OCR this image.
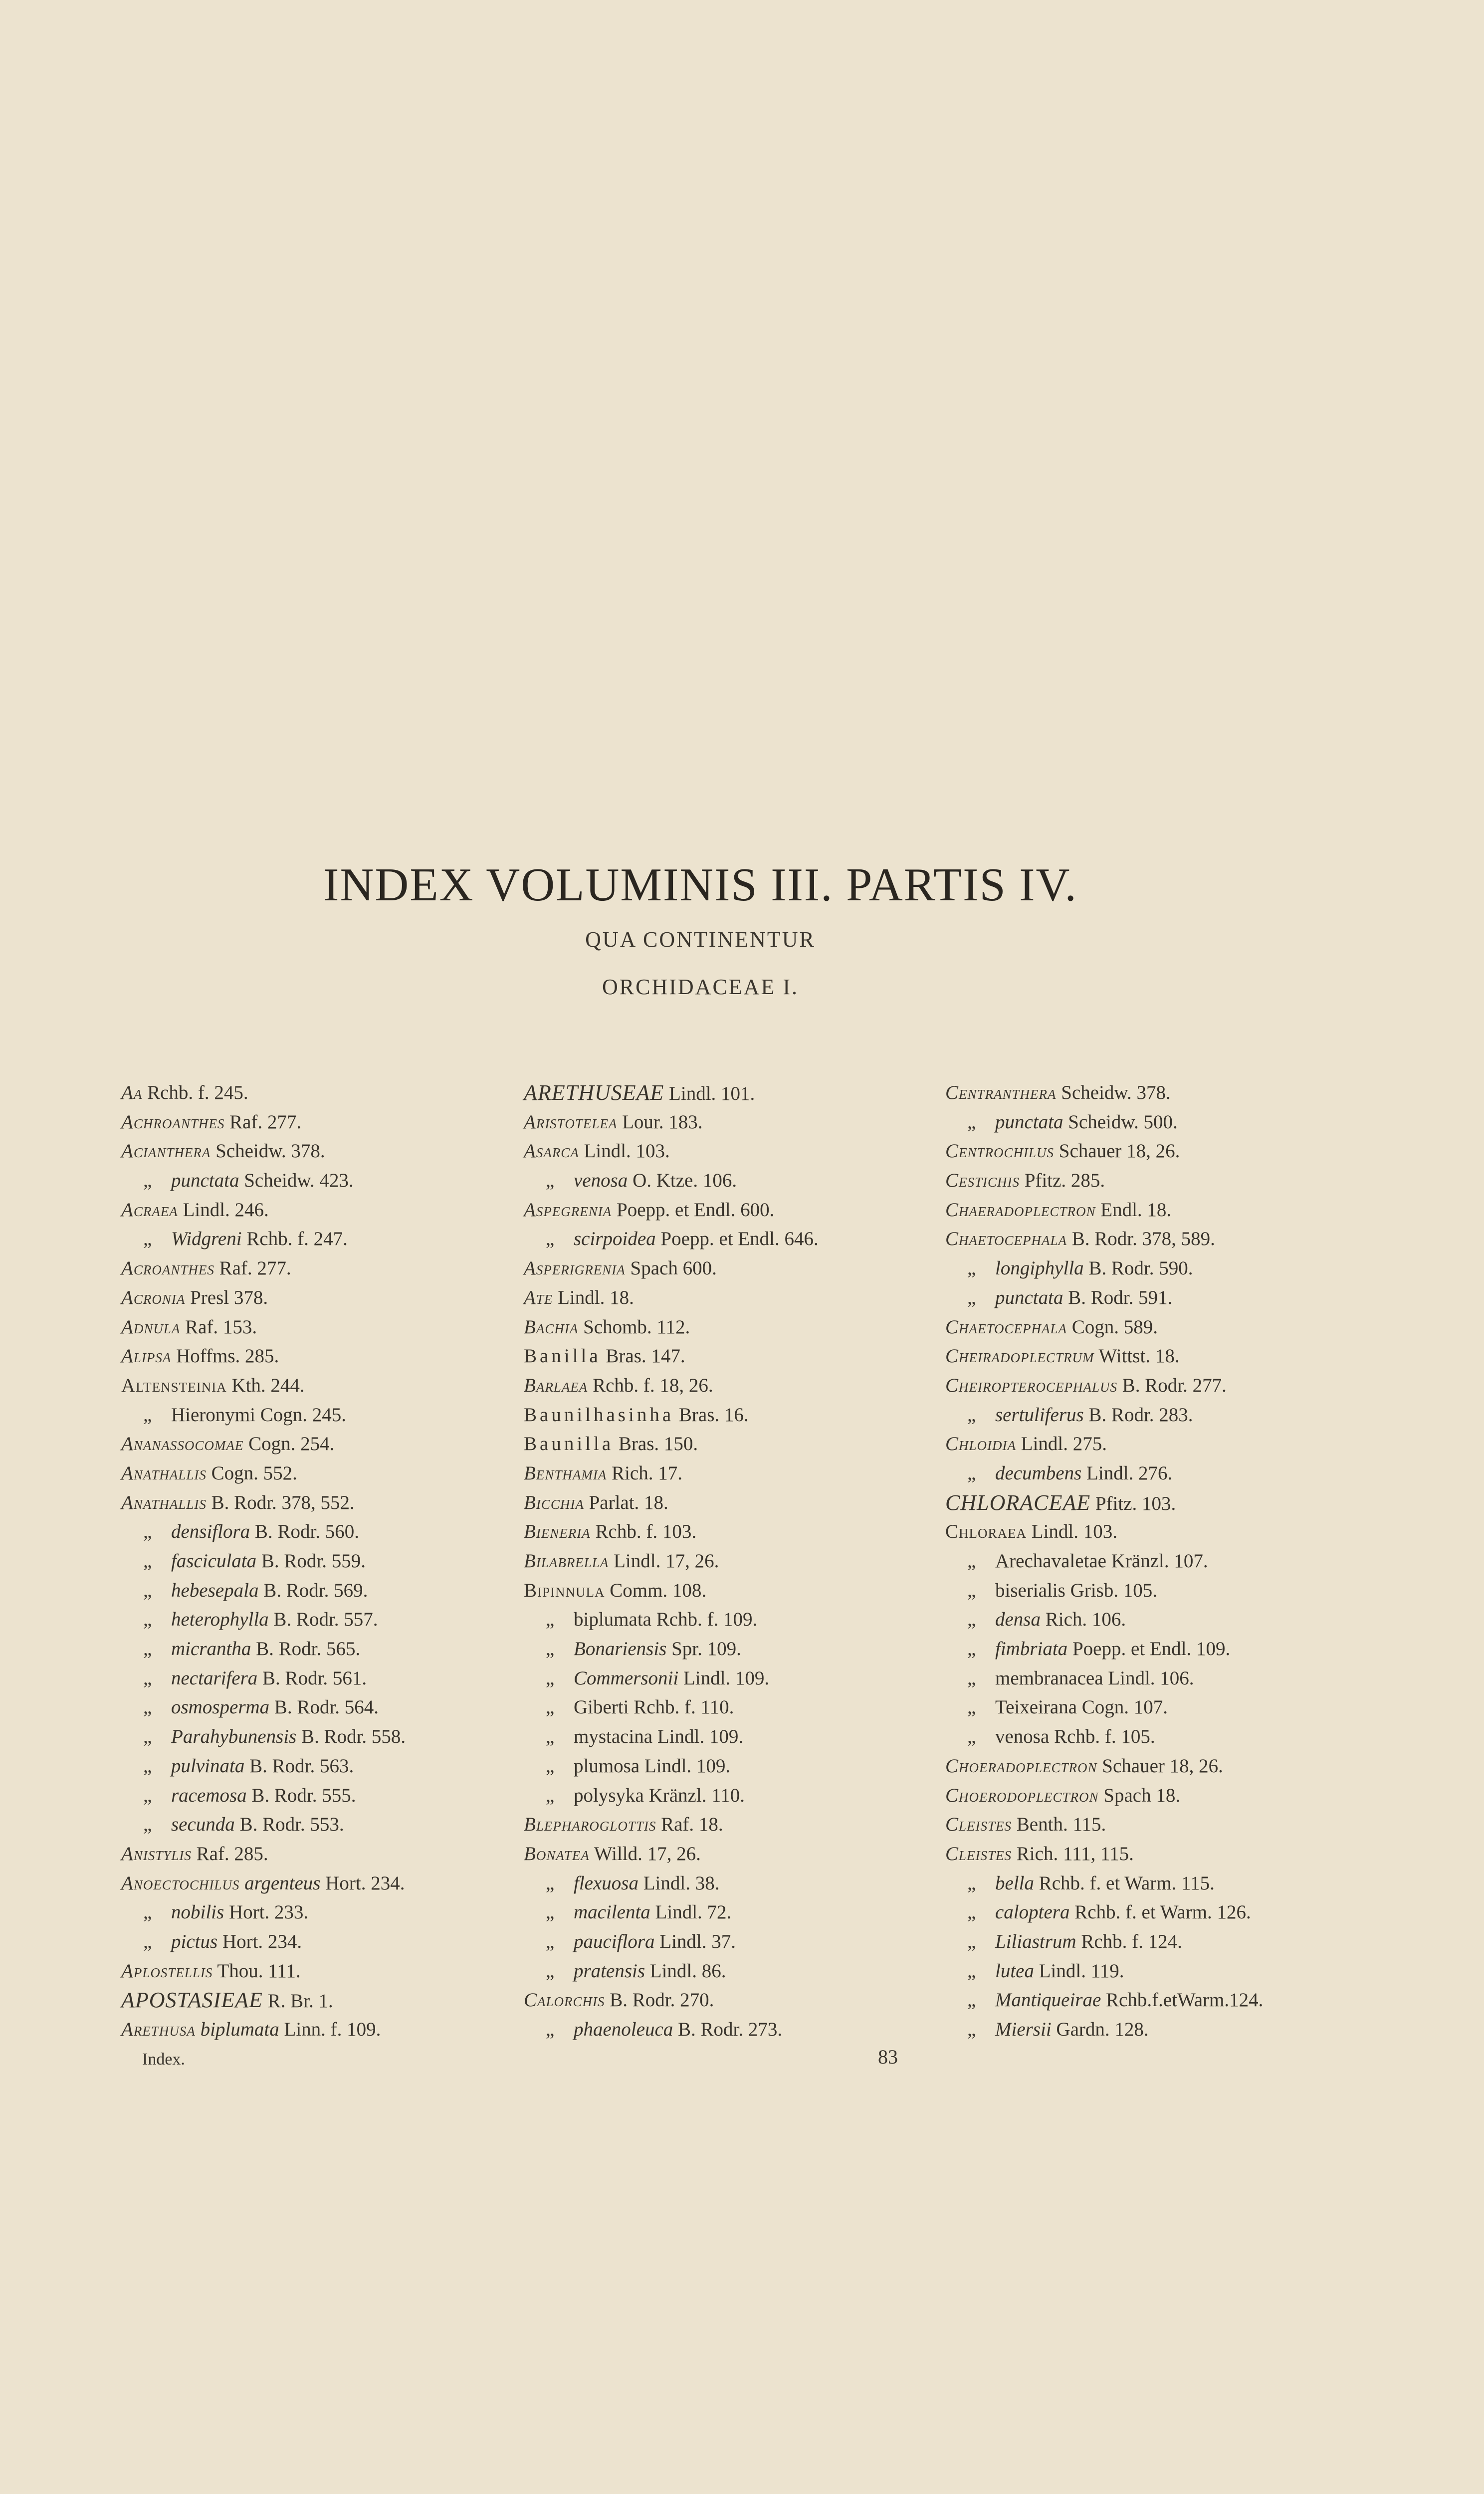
INDEX VOLUMINIS III. PARTIS IV.
QUA CONTINENTUR
ORCHIDACEAE I.
Aa Rchb. f. 245.
Achroanthes Raf. 277.
Acianthera Scheidw. 378.
„ punctata Scheidw. 423.
Acraea Lindl. 246.
„ Widgreni Rchb. f. 247.
Acroanthes Raf. 277.
Acronia Presl 378.
Adnula Raf. 153.
Alipsa Hoffms. 285.
Altensteinia Kth. 244.
„ Hieronymi Cogn. 245.
Ananassocomae Cogn. 254.
Anathallis Cogn. 552.
Anathallis B. Rodr. 378, 552.
„ densiflora B. Rodr. 560.
„ fasciculata B. Rodr. 559.
„ hebesepala B. Rodr. 569.
„ heterophylla B. Rodr. 557.
„ micrantha B. Rodr. 565.
„ nectarifera B. Rodr. 561.
„ osmosperma B. Rodr. 564.
„ Parahybunensis B. Rodr. 558.
„ pulvinata B. Rodr. 563.
„ racemosa B. Rodr. 555.
„ secunda B. Rodr. 553.
Anistylis Raf. 285.
Anoectochilus argenteus Hort. 234.
„ nobilis Hort. 233.
„ pictus Hort. 234.
Aplostellis Thou. 111.
APOSTASIEAE R. Br. 1.
Arethusa biplumata Linn. f. 109.
ARETHUSEAE Lindl. 101.
Aristotelea Lour. 183.
Asarca Lindl. 103.
„ venosa O. Ktze. 106.
Aspegrenia Poepp. et Endl. 600.
„ scirpoidea Poepp. et Endl. 646.
Asperigrenia Spach 600.
Ate Lindl. 18.
Bachia Schomb. 112.
Banilla Bras. 147.
Barlaea Rchb. f. 18, 26.
Baunilhasinha Bras. 16.
Baunilla Bras. 150.
Benthamia Rich. 17.
Bicchia Parlat. 18.
Bieneria Rchb. f. 103.
Bilabrella Lindl. 17, 26.
Bipinnula Comm. 108.
„ biplumata Rchb. f. 109.
„ Bonariensis Spr. 109.
„ Commersonii Lindl. 109.
„ Giberti Rchb. f. 110.
„ mystacina Lindl. 109.
„ plumosa Lindl. 109.
„ polysyka Kränzl. 110.
Blepharoglottis Raf. 18.
Bonatea Willd. 17, 26.
„ flexuosa Lindl. 38.
„ macilenta Lindl. 72.
„ pauciflora Lindl. 37.
„ pratensis Lindl. 86.
Calorchis B. Rodr. 270.
„ phaenoleuca B. Rodr. 273.
Centranthera Scheidw. 378.
„ punctata Scheidw. 500.
Centrochilus Schauer 18, 26.
Cestichis Pfitz. 285.
Chaeradoplectron Endl. 18.
Chaetocephala B. Rodr. 378, 589.
„ longiphylla B. Rodr. 590.
„ punctata B. Rodr. 591.
Chaetocephala Cogn. 589.
Cheiradoplectrum Wittst. 18.
Cheiropterocephalus B. Rodr. 277.
„ sertuliferus B. Rodr. 283.
Chloidia Lindl. 275.
„ decumbens Lindl. 276.
CHLORACEAE Pfitz. 103.
Chloraea Lindl. 103.
„ Arechavaletae Kränzl. 107.
„ biserialis Grisb. 105.
„ densa Rich. 106.
„ fimbriata Poepp. et Endl. 109.
„ membranacea Lindl. 106.
„ Teixeirana Cogn. 107.
„ venosa Rchb. f. 105.
Choeradoplectron Schauer 18, 26.
Choerodoplectron Spach 18.
Cleistes Benth. 115.
Cleistes Rich. 111, 115.
„ bella Rchb. f. et Warm. 115.
„ caloptera Rchb. f. et Warm. 126.
„ Liliastrum Rchb. f. 124.
„ lutea Lindl. 119.
„ Mantiqueirae Rchb.f.etWarm.124.
„ Miersii Gardn. 128.
Index.	83
